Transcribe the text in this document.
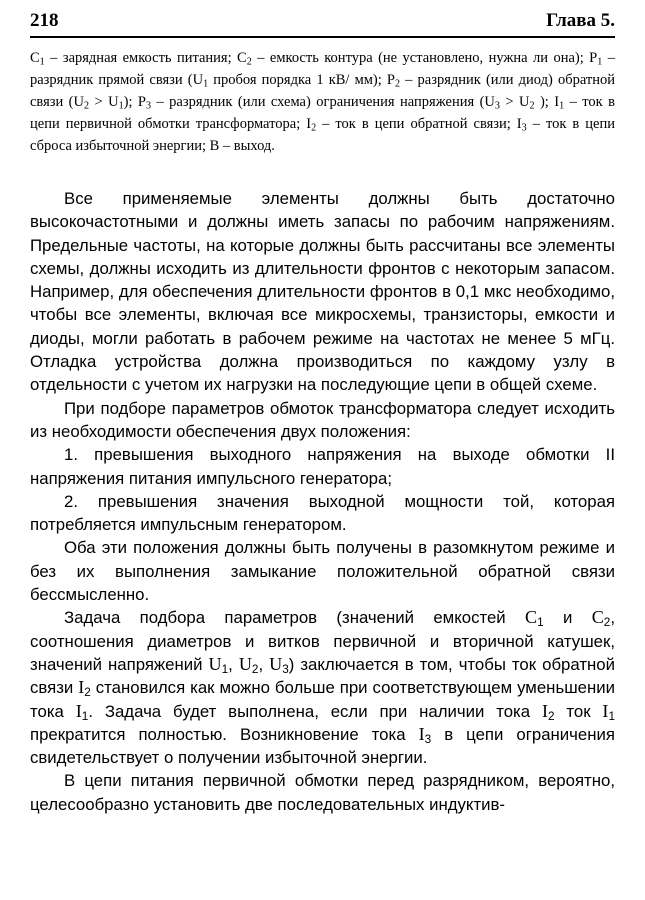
218	Глава 5.

$C_1$ – зарядная емкость питания; $C_2$ – емкость контура (не установлено, нужна ли она); $P_1$ – разрядник прямой связи ($U_1$ пробоя порядка 1 кВ/ мм); $P_2$ – разрядник (или диод) обратной связи $(U_2 > U_1)$; $P_3$ – разрядник (или схема) ограничения напряжения ($U_3 > U_2$ ); $I_1$ – ток в цепи первичной обмотки трансформатора; $I_2$ – ток в цепи обратной связи; $I_3$ – ток в цепи сброса избыточной энергии; В – выход.

Все применяемые элементы должны быть достаточно высокочастотными и должны иметь запасы по рабочим напряжениям. Предельные частоты, на которые должны быть рассчитаны все элементы схемы, должны исходить из длительности фронтов с некоторым запасом. Например, для обеспечения длительности фронтов в 0,1 мкс необходимо, чтобы все элементы, включая все микросхемы, транзисторы, емкости и диоды, могли работать в рабочем режиме на частотах не менее 5 мГц. Отладка устройства должна производиться по каждому узлу в отдельности с учетом их нагрузки на последующие цепи в общей схеме.

При подборе параметров обмоток трансформатора следует исходить из необходимости обеспечения двух положения:

1. превышения выходного напряжения на выходе обмотки II напряжения питания импульсного генератора;

2. превышения значения выходной мощности той, которая потребляется импульсным генератором.

Оба эти положения должны быть получены в разомкнутом режиме и без их выполнения замыкание положительной обратной связи бессмысленно.

Задача подбора параметров (значений емкостей $C_1$ и $C_2$, соотношения диаметров и витков первичной и вторичной катушек, значений напряжений $U_1$, $U_2$, $U_3$) заключается в том, чтобы ток обратной связи $I_2$ становился как можно больше при соответствующем уменьшении тока $I_1$. Задача будет выполнена, если при наличии тока $I_2$ ток $I_1$ прекратится полностью. Возникновение тока $I_3$ в цепи ограничения свидетельствует о получении избыточной энергии.

В цепи питания первичной обмотки перед разрядником, вероятно, целесообразно установить две последовательных индуктив-
